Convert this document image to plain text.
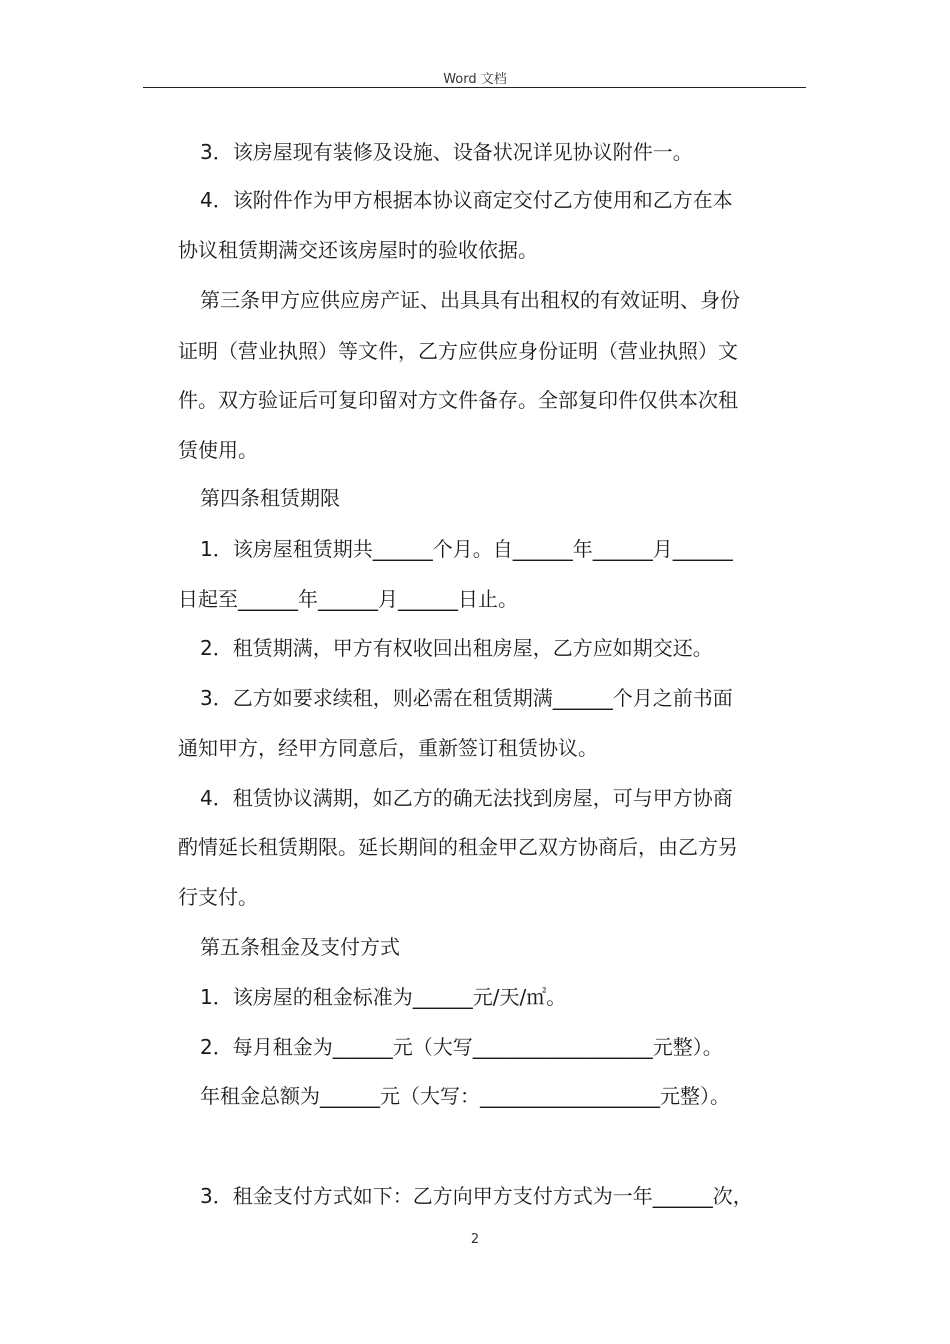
Word 文档
3．该房屋现有装修及设施、设备状况详见协议附件一。
4．该附件作为甲方根据本协议商定交付乙方使用和乙方在本
协议租赁期满交还该房屋时的验收依据。
第三条甲方应供应房产证、出具具有出租权的有效证明、身份
证明（营业执照）等文件，乙方应供应身份证明（营业执照）文
件。双方验证后可复印留对方文件备存。全部复印件仅供本次租
赁使用。
第四条租赁期限
1．该房屋租赁期共______个月。自______年______月______
日起至______年______月______日止。
2．租赁期满，甲方有权收回出租房屋，乙方应如期交还。
3．乙方如要求续租，则必需在租赁期满______个月之前书面
通知甲方，经甲方同意后，重新签订租赁协议。
4．租赁协议满期，如乙方的确无法找到房屋，可与甲方协商
酌情延长租赁期限。延长期间的租金甲乙双方协商后，由乙方另
行支付。
第五条租金及支付方式
1．该房屋的租金标准为______元/天/㎡。
2．每月租金为______元（大写__________________元整）。
年租金总额为______元（大写：__________________元整）。
3．租金支付方式如下：乙方向甲方支付方式为一年______次，
2
